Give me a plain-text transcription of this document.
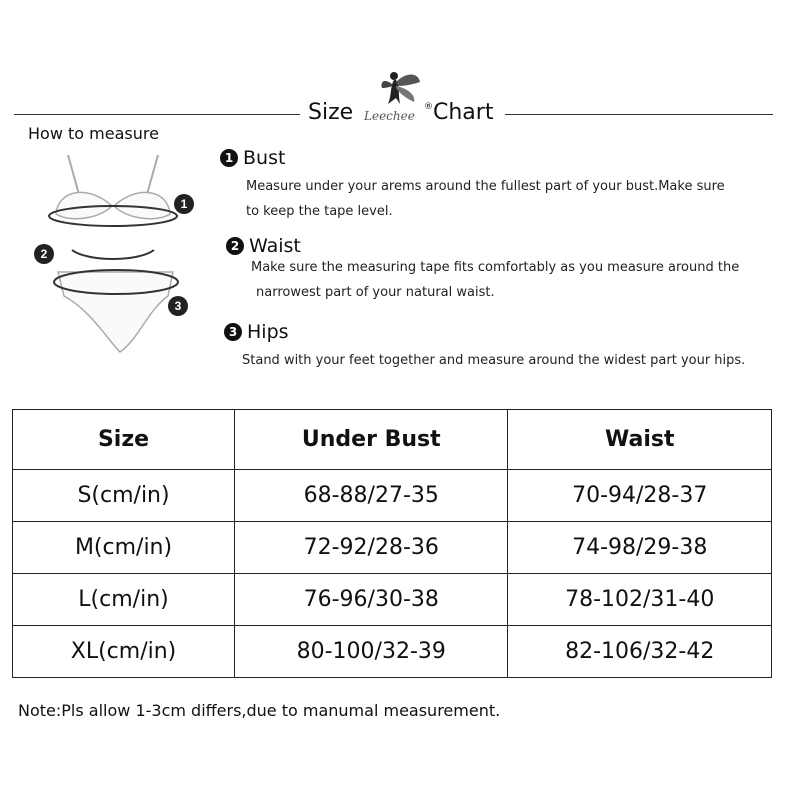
Size Leechee
® Chart
How to measure
1
2
3
1 Bust
Measure under your arems around the fullest part of your bust.Make sure
to keep the tape level.
2 Waist
Make sure the measuring tape fits comfortably as you measure around the
narrowest part of your natural waist.
3 Hips
Stand with your feet together and measure around the widest part your hips.
Size	Under Bust	Waist
S(cm/in)	68-88/27-35	70-94/28-37
M(cm/in)	72-92/28-36	74-98/29-38
L(cm/in)	76-96/30-38	78-102/31-40
XL(cm/in)	80-100/32-39	82-106/32-42
Note:Pls allow 1-3cm differs,due to manumal measurement.
